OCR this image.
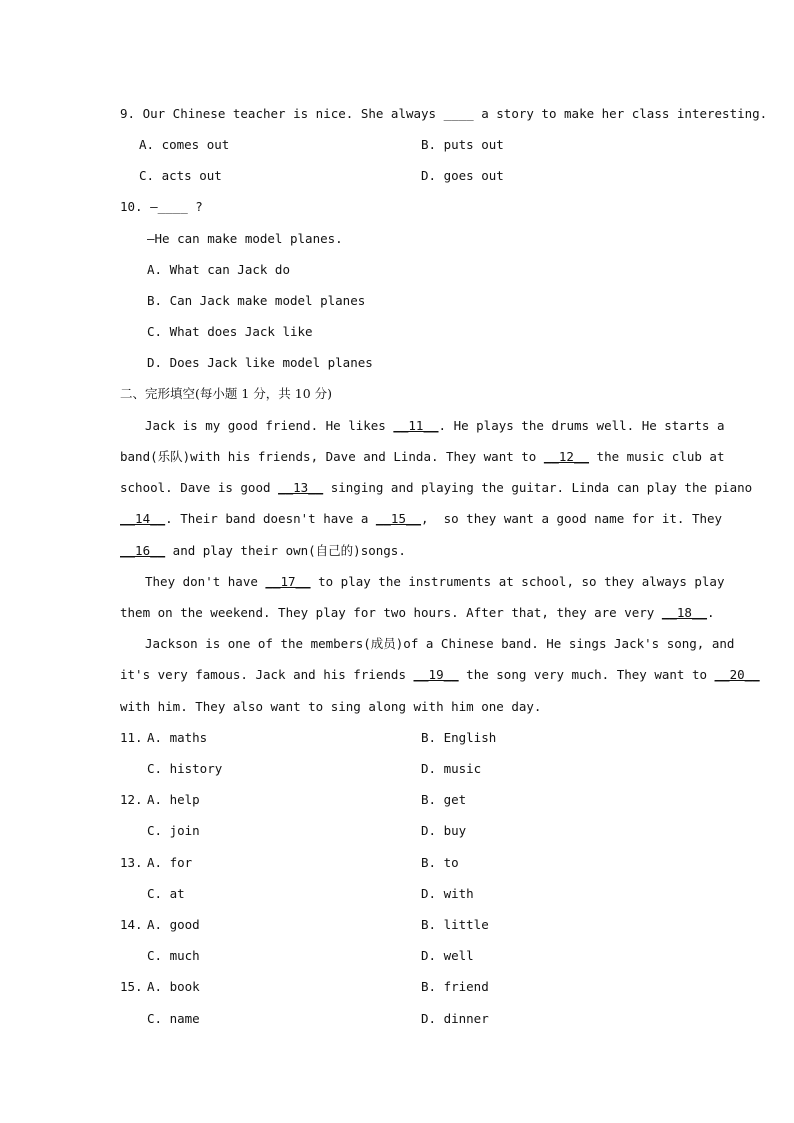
9. Our Chinese teacher is nice. She always ____ a story to make her class interesting.
A. comes out	B. puts out
C. acts out	D. goes out
10. —____ ?
—He can make model planes.
A. What can Jack do
B. Can Jack make model planes
C. What does Jack like
D. Does Jack like model planes
二、完形填空(每小题 1 分，共 10 分)
Jack is my good friend. He likes __11__. He plays the drums well. He starts a
band(乐队)with his friends, Dave and Linda. They want to __12__ the music club at
school. Dave is good __13__ singing and playing the guitar. Linda can play the piano
__14__. Their band doesn't have a __15__,  so they want a good name for it. They
__16__ and play their own(自己的)songs.
They don't have __17__ to play the instruments at school, so they always play
them on the weekend. They play for two hours. After that, they are very __18__.
Jackson is one of the members(成员)of a Chinese band. He sings Jack's song, and
it's very famous. Jack and his friends __19__ the song very much. They want to __20__
with him. They also want to sing along with him one day.
11. A. maths	B. English
C. history	D. music
12. A. help	B. get
C. join	D. buy
13. A. for	B. to
C. at	D. with
14. A. good	B. little
C. much	D. well
15. A. book	B. friend
C. name	D. dinner
